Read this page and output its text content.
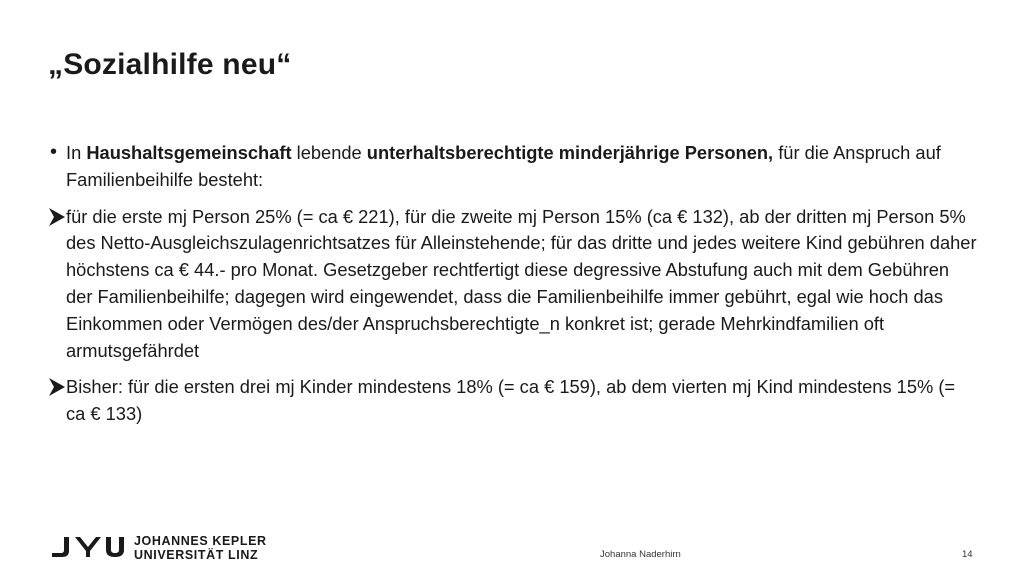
„Sozialhilfe neu“
• In Haushaltsgemeinschaft lebende unterhaltsberechtigte minderjährige Personen, für die Anspruch auf Familienbeihilfe besteht:
für die erste mj Person 25% (= ca € 221), für die zweite mj Person 15% (ca € 132), ab der dritten mj Person 5% des Netto-Ausgleichszulagenrichtsatzes für Alleinstehende; für das dritte und jedes weitere Kind gebühren daher höchstens ca € 44.- pro Monat. Gesetzgeber rechtfertigt diese degressive Abstufung auch mit dem Gebühren der Familienbeihilfe; dagegen wird eingewendet, dass die Familienbeihilfe immer gebührt, egal wie hoch das Einkommen oder Vermögen des/der Anspruchsberechtigte_n konkret ist; gerade Mehrkindfamilien oft armutsgefährdet
Bisher: für die ersten drei mj Kinder mindestens 18% (= ca € 159), ab dem vierten mj Kind mindestens 15% (= ca € 133)
JOHANNES KEPLER
UNIVERSITÄT LINZ	Johanna Naderhirn	14
